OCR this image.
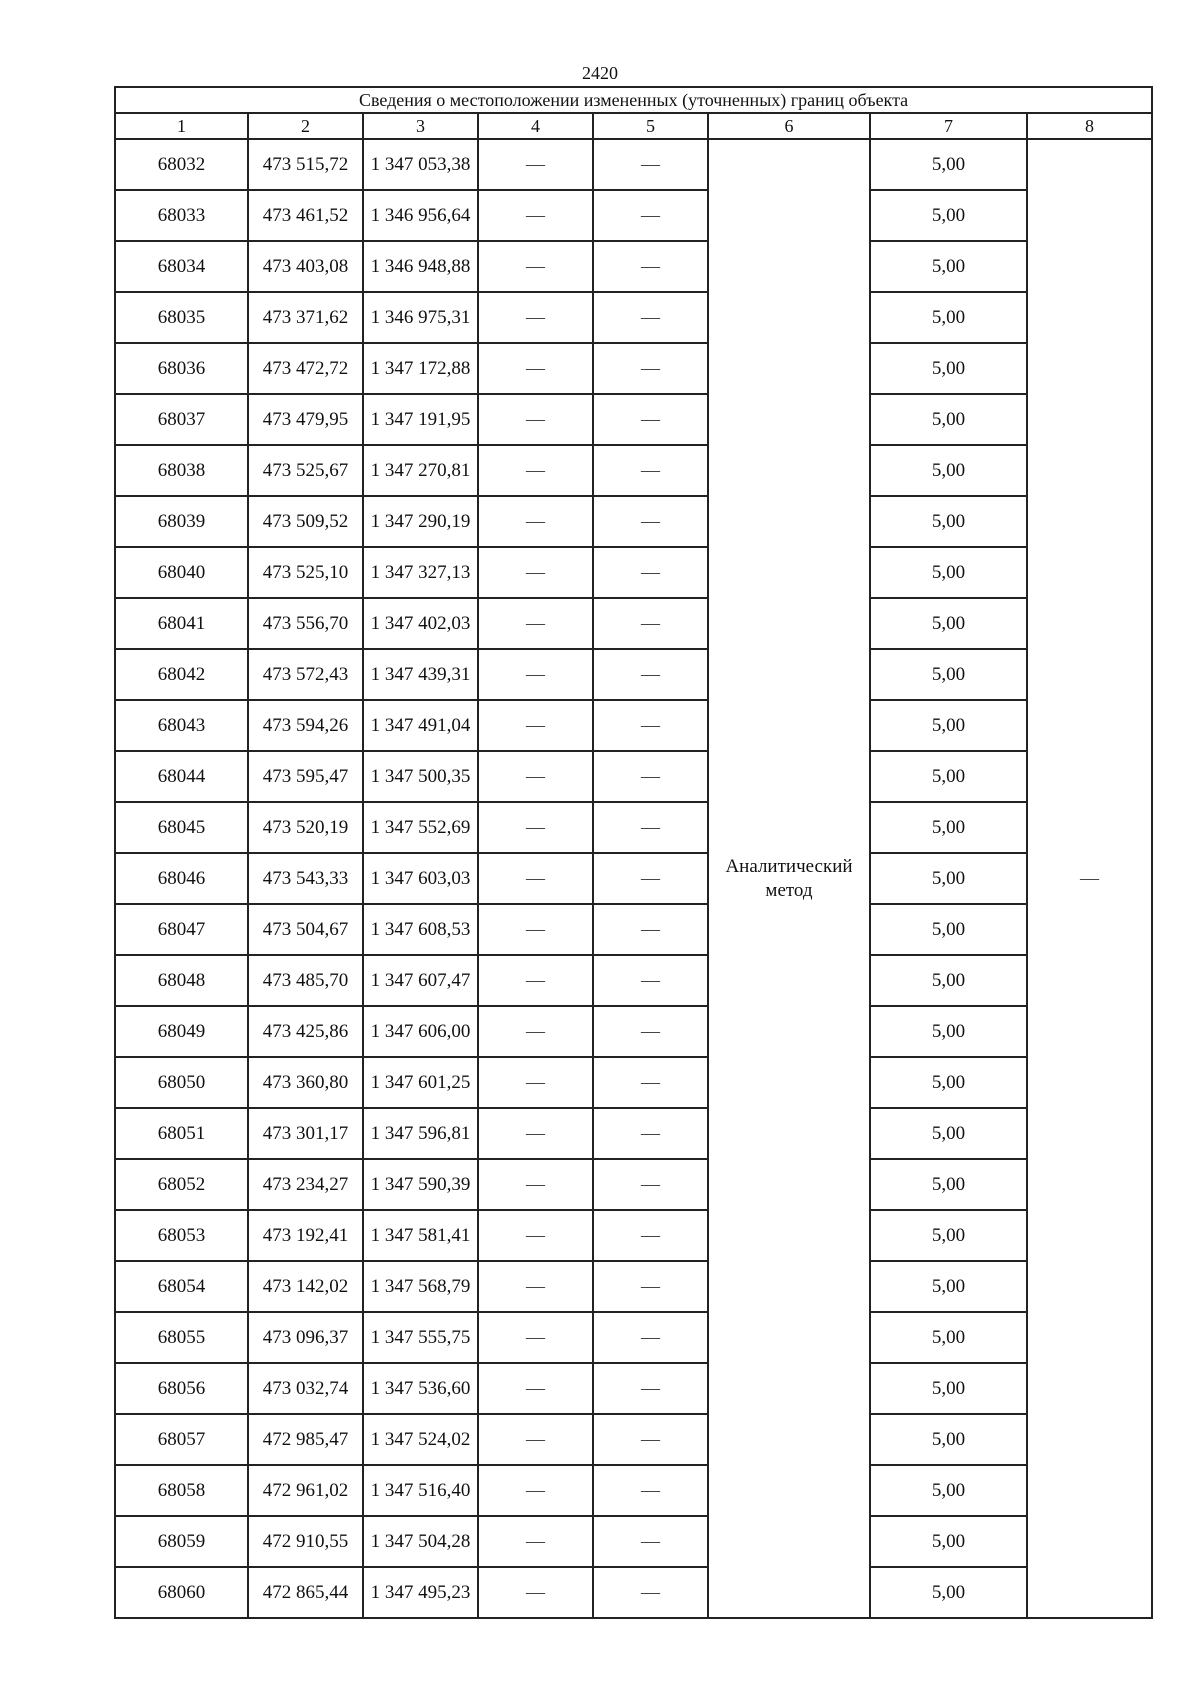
2420
Сведения о местоположении измененных (уточненных) границ объекта							
1	2	3	4	5	6	7	8
68032	473 515,72	1 347 053,38	—	—	Аналитический метод	5,00	—
68033	473 461,52	1 346 956,64	—	—		5,00	
68034	473 403,08	1 346 948,88	—	—		5,00	
68035	473 371,62	1 346 975,31	—	—		5,00	
68036	473 472,72	1 347 172,88	—	—		5,00	
68037	473 479,95	1 347 191,95	—	—		5,00	
68038	473 525,67	1 347 270,81	—	—		5,00	
68039	473 509,52	1 347 290,19	—	—		5,00	
68040	473 525,10	1 347 327,13	—	—		5,00	
68041	473 556,70	1 347 402,03	—	—		5,00	
68042	473 572,43	1 347 439,31	—	—		5,00	
68043	473 594,26	1 347 491,04	—	—		5,00	
68044	473 595,47	1 347 500,35	—	—		5,00	
68045	473 520,19	1 347 552,69	—	—		5,00	
68046	473 543,33	1 347 603,03	—	—		5,00	
68047	473 504,67	1 347 608,53	—	—		5,00	
68048	473 485,70	1 347 607,47	—	—		5,00	
68049	473 425,86	1 347 606,00	—	—		5,00	
68050	473 360,80	1 347 601,25	—	—		5,00	
68051	473 301,17	1 347 596,81	—	—		5,00	
68052	473 234,27	1 347 590,39	—	—		5,00	
68053	473 192,41	1 347 581,41	—	—		5,00	
68054	473 142,02	1 347 568,79	—	—		5,00	
68055	473 096,37	1 347 555,75	—	—		5,00	
68056	473 032,74	1 347 536,60	—	—		5,00	
68057	472 985,47	1 347 524,02	—	—		5,00	
68058	472 961,02	1 347 516,40	—	—		5,00	
68059	472 910,55	1 347 504,28	—	—		5,00	
68060	472 865,44	1 347 495,23	—	—		5,00	
